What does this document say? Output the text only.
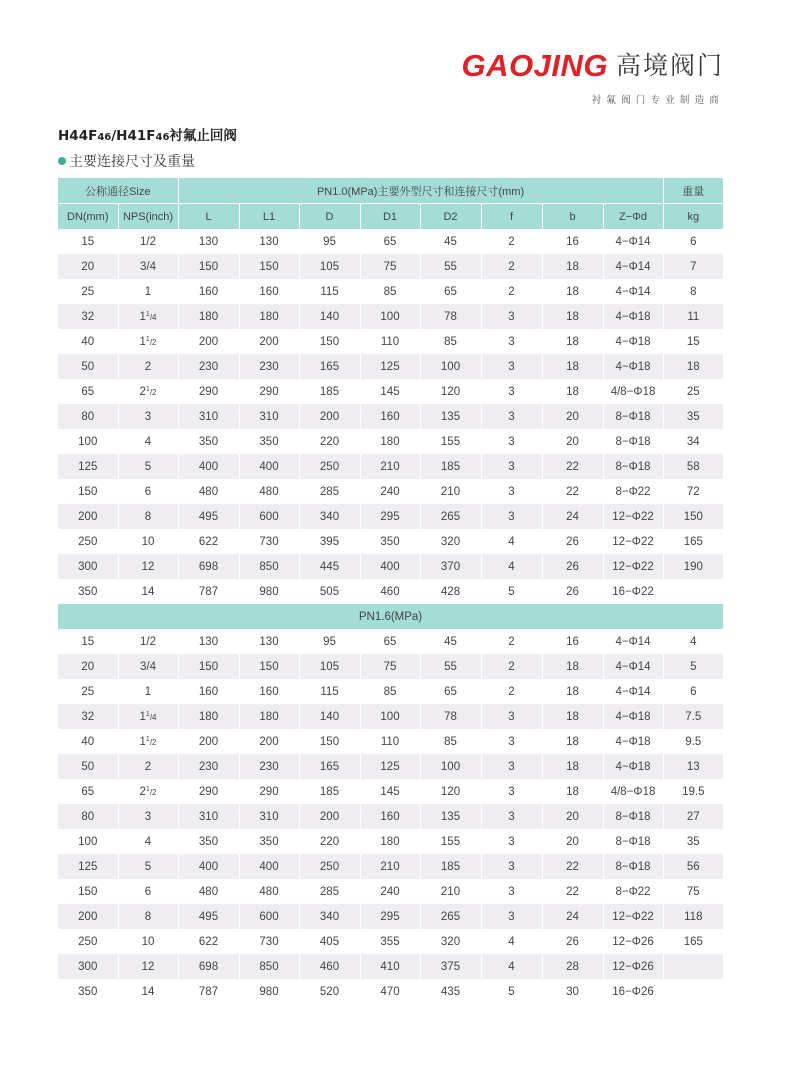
GAOJING 高境阀门
衬氟阀门专业制造商
H44F46/H41F46衬氟止回阀
主要连接尺寸及重量
公称通径Size		PN1.0(MPa)主要外型尺寸和连接尺寸(mm)								重量
DN(mm)	NPS(inch)	L	L1	D	D1	D2	f	b	Z−Φd	kg
15	1/2	130	130	95	65	45	2	16	4−Φ14	6
20	3/4	150	150	105	75	55	2	18	4−Φ14	7
25	1	160	160	115	85	65	2	18	4−Φ14	8
32	$1^1/4$	180	180	140	100	78	3	18	4−Φ18	11
40	$1^1/2$	200	200	150	110	85	3	18	4−Φ18	15
50	2	230	230	165	125	100	3	18	4−Φ18	18
65	$2^1/2$	290	290	185	145	120	3	18	4/8−Φ18	25
80	3	310	310	200	160	135	3	20	8−Φ18	35
100	4	350	350	220	180	155	3	20	8−Φ18	34
125	5	400	400	250	210	185	3	22	8−Φ18	58
150	6	480	480	285	240	210	3	22	8−Φ22	72
200	8	495	600	340	295	265	3	24	12−Φ22	150
250	10	622	730	395	350	320	4	26	12−Φ22	165
300	12	698	850	445	400	370	4	26	12−Φ22	190
350	14	787	980	505	460	428	5	26	16−Φ22	
PN1.6(MPa)										
15	1/2	130	130	95	65	45	2	16	4−Φ14	4
20	3/4	150	150	105	75	55	2	18	4−Φ14	5
25	1	160	160	115	85	65	2	18	4−Φ14	6
32	$1^1/4$	180	180	140	100	78	3	18	4−Φ18	7.5
40	$1^1/2$	200	200	150	110	85	3	18	4−Φ18	9.5
50	2	230	230	165	125	100	3	18	4−Φ18	13
65	$2^1/2$	290	290	185	145	120	3	18	4/8−Φ18	19.5
80	3	310	310	200	160	135	3	20	8−Φ18	27
100	4	350	350	220	180	155	3	20	8−Φ18	35
125	5	400	400	250	210	185	3	22	8−Φ18	56
150	6	480	480	285	240	210	3	22	8−Φ22	75
200	8	495	600	340	295	265	3	24	12−Φ22	118
250	10	622	730	405	355	320	4	26	12−Φ26	165
300	12	698	850	460	410	375	4	28	12−Φ26	
350	14	787	980	520	470	435	5	30	16−Φ26	
